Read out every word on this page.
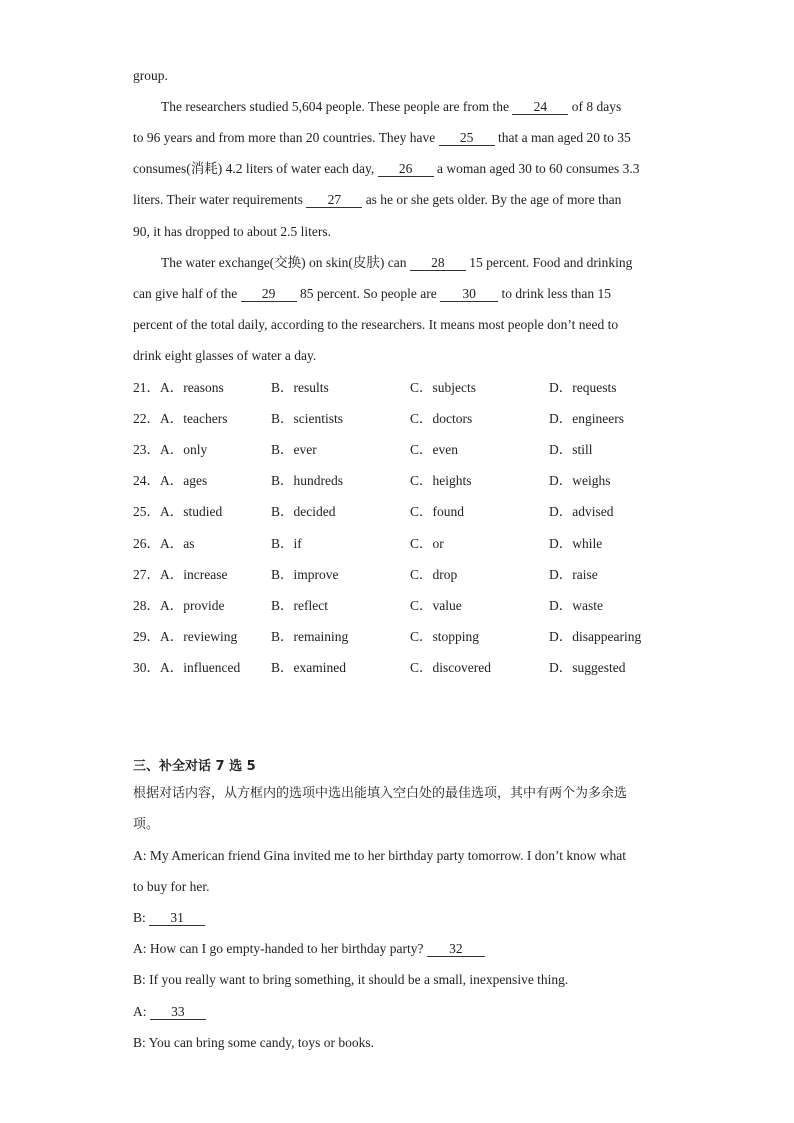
group.
The researchers studied 5,604 people. These people are from the 24 of 8 days
to 96 years and from more than 20 countries. They have 25 that a man aged 20 to 35
consumes(消耗) 4.2 liters of water each day, 26 a woman aged 30 to 60 consumes 3.3
liters. Their water requirements 27 as he or she gets older. By the age of more than
90, it has dropped to about 2.5 liters.
The water exchange(交换) on skin(皮肤) can 28 15 percent. Food and drinking
can give half of the 29 85 percent. So people are 30 to drink less than 15
percent of the total daily, according to the researchers. It means most people don’t need to
drink eight glasses of water a day.
21． A．reasons	B．results	C．subjects	D．requests
22． A．teachers	B．scientists	C．doctors	D．engineers
23． A．only	B．ever	C．even	D．still
24． A．ages	B．hundreds	C．heights	D．weighs
25． A．studied	B．decided	C．found	D．advised
26． A．as	B．if	C．or	D．while
27． A．increase	B．improve	C．drop	D．raise
28． A．provide	B．reflect	C．value	D．waste
29． A．reviewing	B．remaining	C．stopping	D．disappearing
30． A．influenced B．examined	C．discovered	D．suggested
三、补全对话 7 选 5
根据对话内容，从方框内的选项中选出能填入空白处的最佳选项，其中有两个为多余选
项。
A: My American friend Gina invited me to her birthday party tomorrow. I don’t know what
to buy for her.
B: 31
A: How can I go empty-handed to her birthday party? 32
B: If you really want to bring something, it should be a small, inexpensive thing.
A: 33
B: You can bring some candy, toys or books.
